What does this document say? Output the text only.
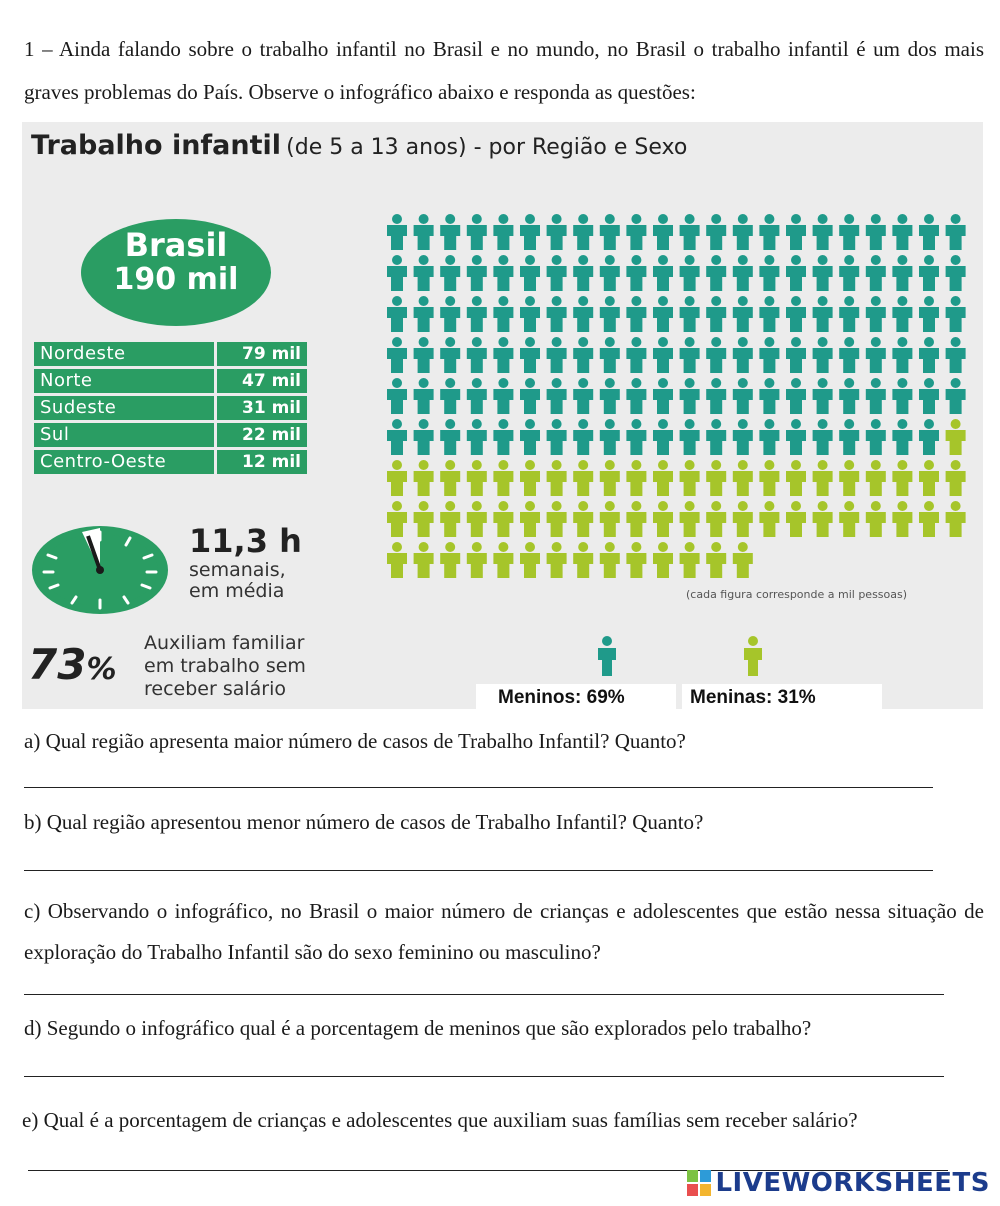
1 – Ainda falando sobre o trabalho infantil no Brasil e no mundo, no Brasil o trabalho infantil é um dos mais graves problemas do País. Observe o infográfico abaixo e responda as questões:
Trabalho infantil (de 5 a 13 anos) - por Região e Sexo
Brasil
190 mil
Nordeste	79 mil
Norte	47 mil
Sudeste	31 mil
Sul	22 mil
Centro-Oeste	12 mil
11,3 h
semanais,
em média
73%
Auxiliam familiar
em trabalho sem
receber salário
(cada figura corresponde a mil pessoas)
Meninos: 69%	Meninas: 31%
a) Qual região apresenta maior número de casos de Trabalho Infantil? Quanto?
b) Qual região apresentou menor número de casos de Trabalho Infantil? Quanto?
c) Observando o infográfico, no Brasil o maior número de crianças e adolescentes que estão nessa situação de exploração do Trabalho Infantil são do sexo feminino ou masculino?
d) Segundo o infográfico qual é a porcentagem de meninos que são explorados pelo trabalho?
e) Qual é a porcentagem de crianças e adolescentes que auxiliam suas famílias sem receber salário?
LIVEWORKSHEETS
